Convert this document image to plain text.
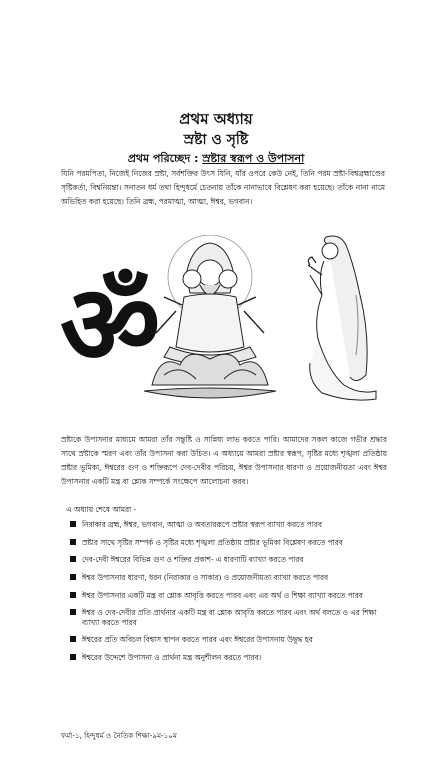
প্রথম অধ্যায়
স্রষ্টা ও সৃষ্টি
প্রথম পরিচ্ছেদ : স্রষ্টার স্বরূপ ও উপাসনা

যিনি পরমপিতা, নিজেই নিজের স্রষ্টা, সর্বশক্তির উৎস যিনি, যাঁর ওপরে কেউ নেই, তিনি পরম স্রষ্টা-বিশ্বব্রহ্মাণ্ডের সৃষ্টিকর্তা, বিশ্বনিয়ন্তা। সনাতন ধর্ম তথা হিন্দুধর্মে চেতনায় তাঁকে নানাভাবে বিশ্লেষণ করা হয়েছে। তাঁকে নানা নামে অভিহিত করা হয়েছে। তিনি ব্রহ্ম, পরমাত্মা, আত্মা, ঈশ্বর, ভগবান।

ॐ

স্রষ্টাকে উপাসনার মাধ্যমে আমরা তাঁর সন্তুষ্টি ও সান্নিধ্য লাভ করতে পারি। আমাদের সকল কাজে গভীর শ্রদ্ধার সাথে স্রষ্টাকে স্মরণ এবং তাঁর উপাসনা করা উচিত। এ অধ্যায়ে আমরা স্রষ্টার স্বরূপ, সৃষ্টির মধ্যে শৃঙ্খলা প্রতিষ্ঠায় স্রষ্টার ভূমিকা, ঈশ্বরের গুণ ও শক্তিরূপে দেব-দেবীর পরিচয়, ঈশ্বর উপাসনার ধারণা ও প্রয়োজনীয়তা এবং ঈশ্বর উপাসনার একটি মন্ত্র বা শ্লোক সম্পর্কে সংক্ষেপে আলোচনা করব।

এ অধ্যায় শেষে আমরা -
নিরাকার ব্রহ্ম, ঈশ্বর, ভগবান, আত্মা ও অবতাররূপে স্রষ্টার স্বরূপ ব্যাখ্যা করতে পারব
স্রষ্টার সাথে সৃষ্টির সম্পর্ক ও সৃষ্টির মধ্যে শৃঙ্খলা প্রতিষ্ঠায় স্রষ্টার ভূমিকা বিশ্লেষণ করতে পারব
দেব-দেবী ঈশ্বরের বিভিন্ন গুণ ও শক্তির প্রকাশ- এ ধারণাটি ব্যাখ্যা করতে পারব
ঈশ্বর উপাসনার ধারণা, ধরন (নিরাকার ও সাকার) ও প্রয়োজনীয়তা ব্যাখ্যা করতে পারব
ঈশ্বর উপাসনার একটি মন্ত্র বা শ্লোক আবৃত্তি করতে পারব এবং এর অর্থ ও শিক্ষা ব্যাখ্যা করতে পারব
ঈশ্বর ও দেব-দেবীর প্রতি প্রার্থনার একটি মন্ত্র বা শ্লোক আবৃত্তি করতে পারব এবং অর্থ বলতে ও এর শিক্ষা ব্যাখ্যা করতে পারব
ঈশ্বরের প্রতি অবিচল বিশ্বাস স্থাপন করতে পারব এবং ঈশ্বরের উপাসনায় উদ্বুদ্ধ হব
ঈশ্বরের উদ্দেশে উপাসনা ও প্রার্থনা মন্ত্র অনুশীলন করতে পারব।
ফর্মা-১, হিন্দুধর্ম ও নৈতিক শিক্ষা-৯ম-১০ম
